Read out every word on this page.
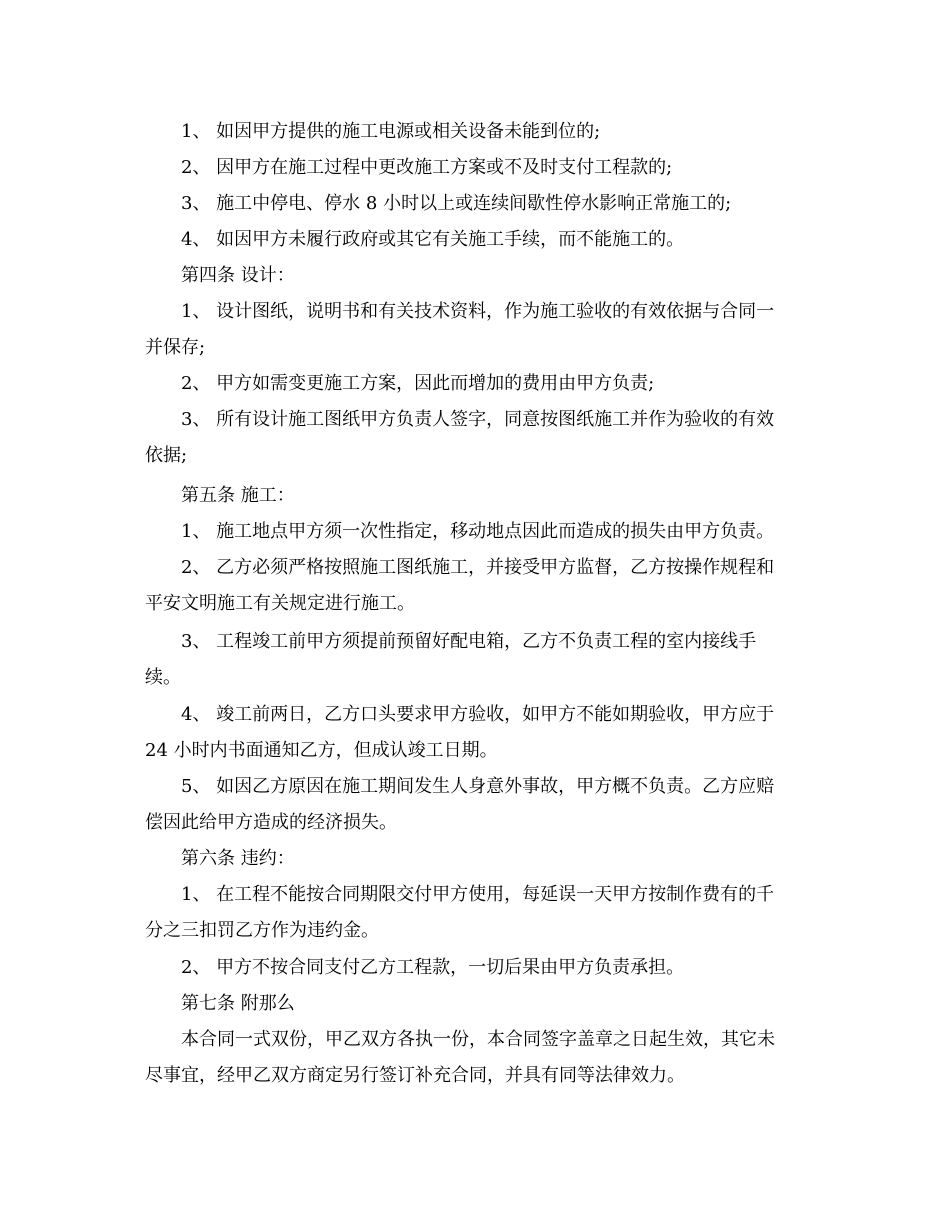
1、 如因甲方提供的施工电源或相关设备未能到位的;
2、 因甲方在施工过程中更改施工方案或不及时支付工程款的;
3、 施工中停电、停水 8 小时以上或连续间歇性停水影响正常施工的;
4、 如因甲方未履行政府或其它有关施工手续，而不能施工的。
第四条 设计：
1、 设计图纸，说明书和有关技术资料，作为施工验收的有效依据与合同一
并保存;
2、 甲方如需变更施工方案，因此而增加的费用由甲方负责;
3、 所有设计施工图纸甲方负责人签字，同意按图纸施工并作为验收的有效
依据;
第五条 施工：
1、 施工地点甲方须一次性指定，移动地点因此而造成的损失由甲方负责。
2、 乙方必须严格按照施工图纸施工，并接受甲方监督，乙方按操作规程和
平安文明施工有关规定进行施工。
3、 工程竣工前甲方须提前预留好配电箱，乙方不负责工程的室内接线手
续。
4、 竣工前两日，乙方口头要求甲方验收，如甲方不能如期验收，甲方应于
24 小时内书面通知乙方，但成认竣工日期。
5、 如因乙方原因在施工期间发生人身意外事故，甲方概不负责。乙方应赔
偿因此给甲方造成的经济损失。
第六条 违约：
1、 在工程不能按合同期限交付甲方使用，每延误一天甲方按制作费有的千
分之三扣罚乙方作为违约金。
2、 甲方不按合同支付乙方工程款，一切后果由甲方负责承担。
第七条 附那么
本合同一式双份，甲乙双方各执一份，本合同签字盖章之日起生效，其它未
尽事宜，经甲乙双方商定另行签订补充合同，并具有同等法律效力。
